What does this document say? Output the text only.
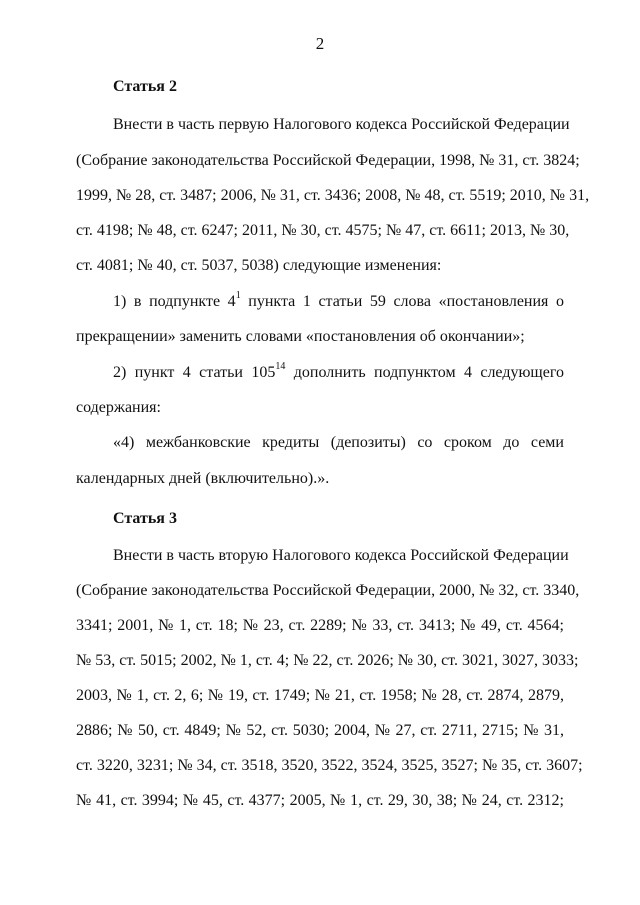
2
Статья 2
Внести в часть первую Налогового кодекса Российской Федерации
(Собрание законодательства Российской Федерации, 1998, № 31, ст. 3824;
1999, № 28, ст. 3487; 2006, № 31, ст. 3436; 2008, № 48, ст. 5519; 2010, № 31,
ст. 4198; № 48, ст. 6247; 2011, № 30, ст. 4575; № 47, ст. 6611; 2013, № 30,
ст. 4081; № 40, ст. 5037, 5038) следующие изменения:
1) в подпункте $4^1$ пункта 1 статьи 59 слова «постановления о
прекращении» заменить словами «постановления об окончании»;
2) пункт 4 статьи $105^{14}$ дополнить подпунктом 4 следующего
содержания:
«4) межбанковские кредиты (депозиты) со сроком до семи
календарных дней (включительно).».
Статья 3
Внести в часть вторую Налогового кодекса Российской Федерации
(Собрание законодательства Российской Федерации, 2000, № 32, ст. 3340,
3341; 2001, № 1, ст. 18; № 23, ст. 2289; № 33, ст. 3413; № 49, ст. 4564;
№ 53, ст. 5015; 2002, № 1, ст. 4; № 22, ст. 2026; № 30, ст. 3021, 3027, 3033;
2003, № 1, ст. 2, 6; № 19, ст. 1749; № 21, ст. 1958; № 28, ст. 2874, 2879,
2886; № 50, ст. 4849; № 52, ст. 5030; 2004, № 27, ст. 2711, 2715; № 31,
ст. 3220, 3231; № 34, ст. 3518, 3520, 3522, 3524, 3525, 3527; № 35, ст. 3607;
№ 41, ст. 3994; № 45, ст. 4377; 2005, № 1, ст. 29, 30, 38; № 24, ст. 2312;
